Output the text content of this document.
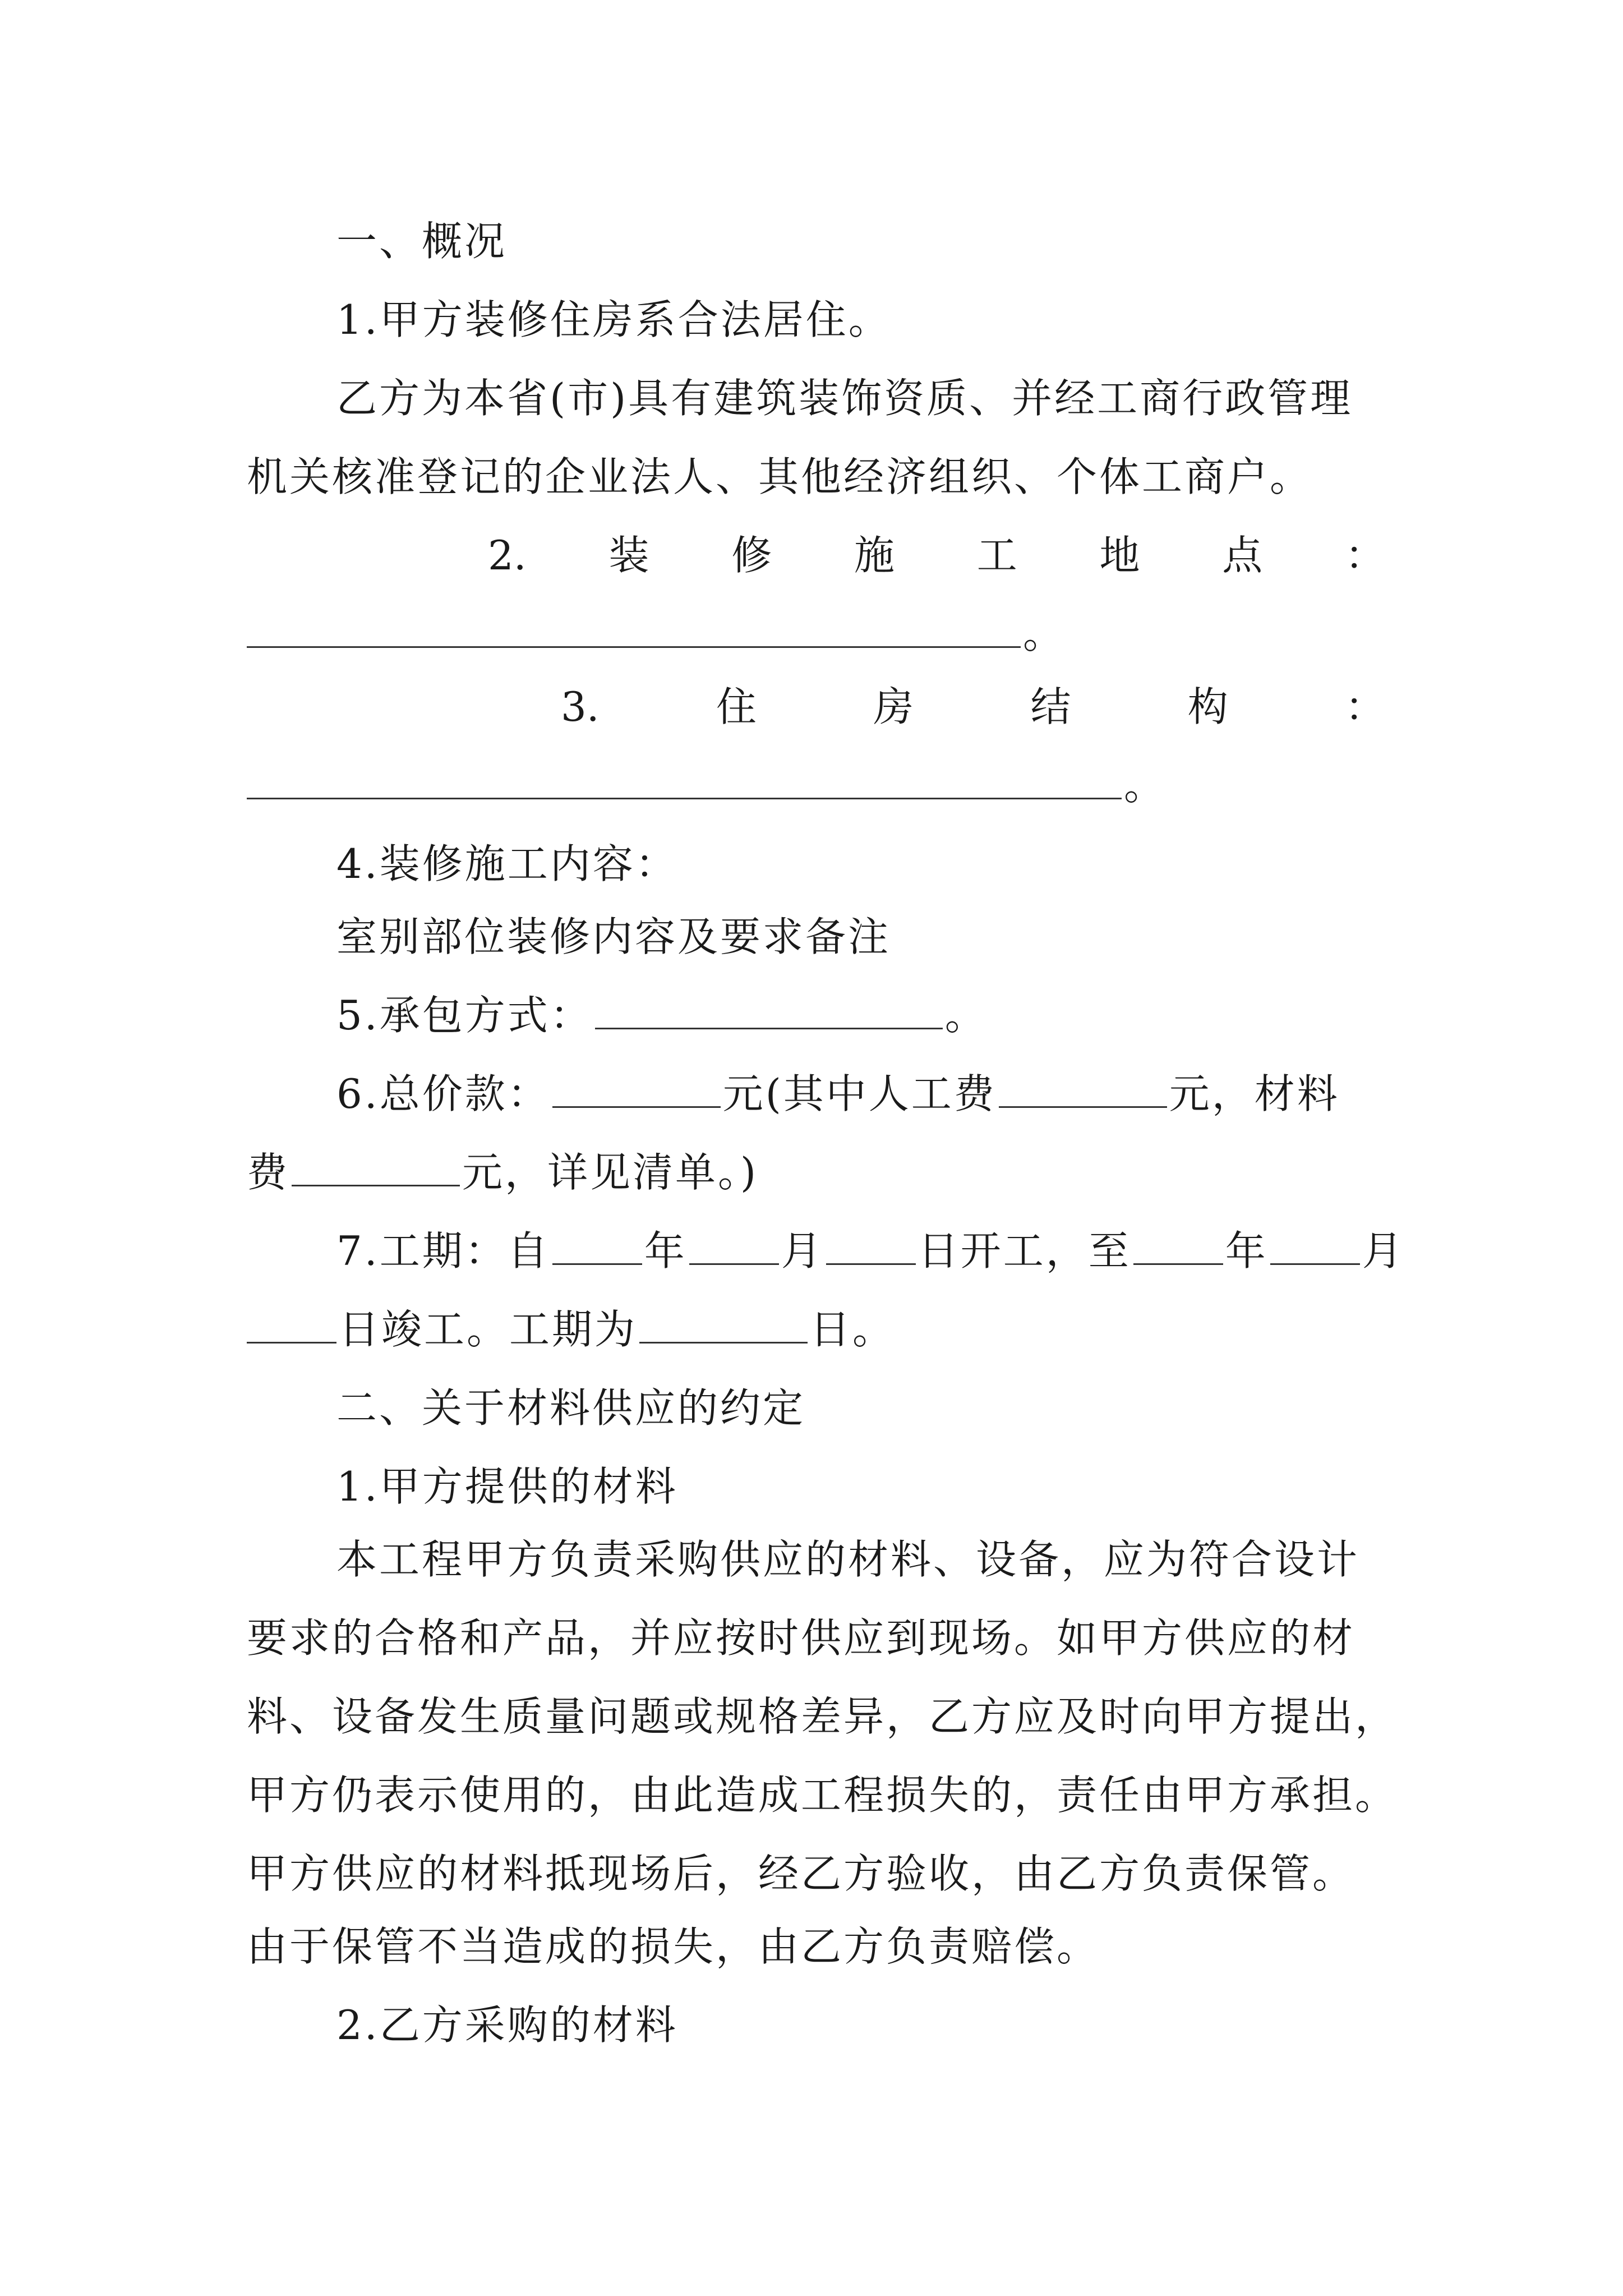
一、概况
1.甲方装修住房系合法居住。
乙方为本省(市)具有建筑装饰资质、并经工商行政管理
机关核准登记的企业法人、其他经济组织、个体工商户。
2. 装 修 施 工 地 点 ：
。
3.	住	房	结	构	：
。
4.装修施工内容：
室别部位装修内容及要求备注
5.承包方式：	。
6.总价款：	元(其中人工费	元，材料
费	元，详见清单。)
7.工期：自 年 月 日开工，至 年 月
日竣工。工期为	日。
二、关于材料供应的约定
1.甲方提供的材料
本工程甲方负责采购供应的材料、设备，应为符合设计
要求的合格和产品，并应按时供应到现场。如甲方供应的材
料、设备发生质量问题或规格差异，乙方应及时向甲方提出，
甲方仍表示使用的，由此造成工程损失的，责任由甲方承担。
甲方供应的材料抵现场后，经乙方验收，由乙方负责保管。
由于保管不当造成的损失，由乙方负责赔偿。
2.乙方采购的材料
